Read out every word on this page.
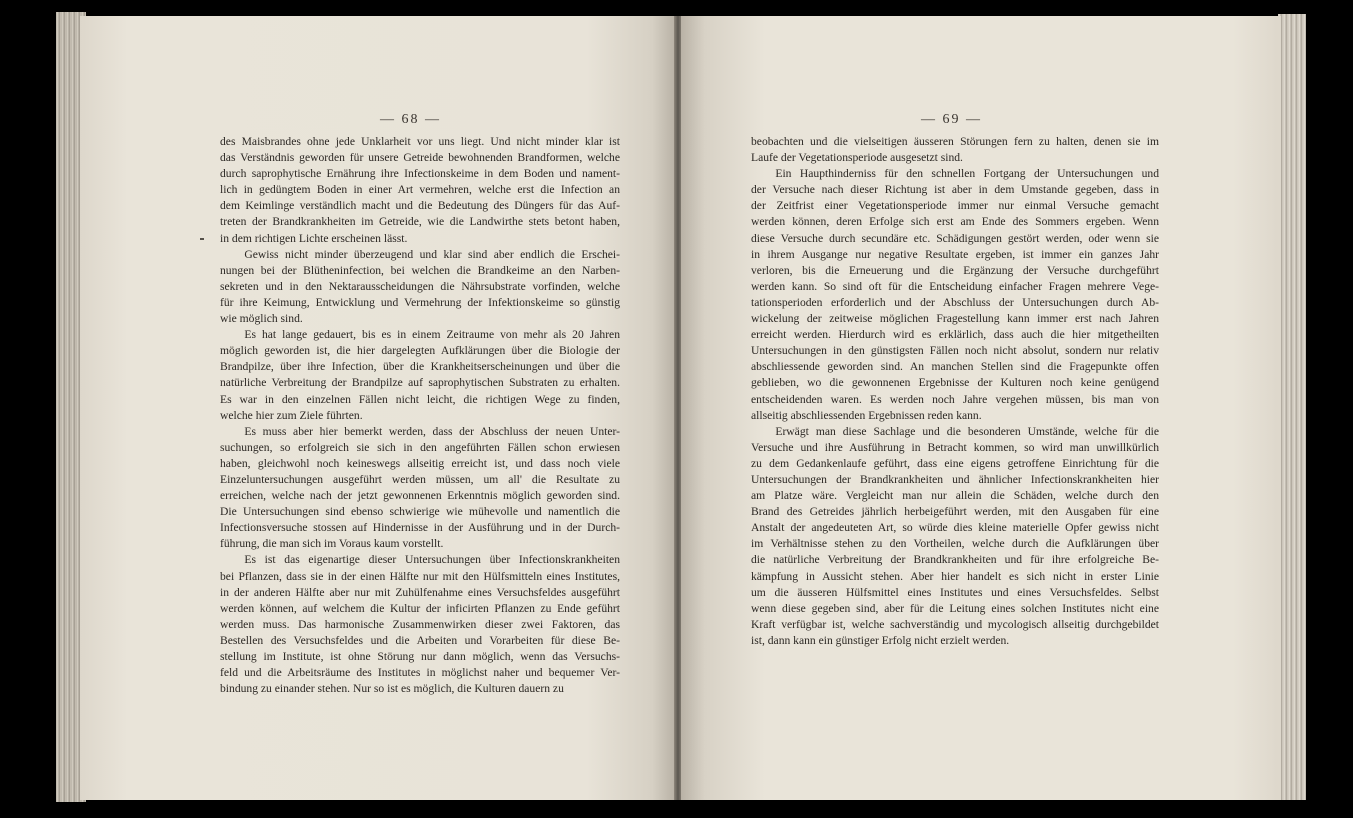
— 68 —
des Maisbrandes ohne jede Unklarheit vor uns liegt. Und nicht minder klar ist
das Verständnis geworden für unsere Getreide bewohnenden Brandformen, welche
durch saprophytische Ernährung ihre Infectionskeime in dem Boden und nament-
lich in gedüngtem Boden in einer Art vermehren, welche erst die Infection an
dem Keimlinge verständlich macht und die Bedeutung des Düngers für das Auf-
treten der Brandkrankheiten im Getreide, wie die Landwirthe stets betont haben,
in dem richtigen Lichte erscheinen lässt.
Gewiss nicht minder überzeugend und klar sind aber endlich die Erschei-
nungen bei der Blütheninfection, bei welchen die Brandkeime an den Narben-
sekreten und in den Nektarausscheidungen die Nährsubstrate vorfinden, welche
für ihre Keimung, Entwicklung und Vermehrung der Infektionskeime so günstig
wie möglich sind.
Es hat lange gedauert, bis es in einem Zeitraume von mehr als 20 Jahren
möglich geworden ist, die hier dargelegten Aufklärungen über die Biologie der
Brandpilze, über ihre Infection, über die Krankheitserscheinungen und über die
natürliche Verbreitung der Brandpilze auf saprophytischen Substraten zu erhalten.
Es war in den einzelnen Fällen nicht leicht, die richtigen Wege zu finden,
welche hier zum Ziele führten.
Es muss aber hier bemerkt werden, dass der Abschluss der neuen Unter-
suchungen, so erfolgreich sie sich in den angeführten Fällen schon erwiesen
haben, gleichwohl noch keineswegs allseitig erreicht ist, und dass noch viele
Einzeluntersuchungen ausgeführt werden müssen, um all' die Resultate zu
erreichen, welche nach der jetzt gewonnenen Erkenntnis möglich geworden sind.
Die Untersuchungen sind ebenso schwierige wie mühevolle und namentlich die
Infectionsversuche stossen auf Hindernisse in der Ausführung und in der Durch-
führung, die man sich im Voraus kaum vorstellt.
Es ist das eigenartige dieser Untersuchungen über Infectionskrankheiten
bei Pflanzen, dass sie in der einen Hälfte nur mit den Hülfsmitteln eines Institutes,
in der anderen Hälfte aber nur mit Zuhülfenahme eines Versuchsfeldes ausgeführt
werden können, auf welchem die Kultur der inficirten Pflanzen zu Ende geführt
werden muss. Das harmonische Zusammenwirken dieser zwei Faktoren, das
Bestellen des Versuchsfeldes und die Arbeiten und Vorarbeiten für diese Be-
stellung im Institute, ist ohne Störung nur dann möglich, wenn das Versuchs-
feld und die Arbeitsräume des Institutes in möglichst naher und bequemer Ver-
bindung zu einander stehen. Nur so ist es möglich, die Kulturen dauern zu
— 69 —
beobachten und die vielseitigen äusseren Störungen fern zu halten, denen sie im
Laufe der Vegetationsperiode ausgesetzt sind.
Ein Haupthinderniss für den schnellen Fortgang der Untersuchungen und
der Versuche nach dieser Richtung ist aber in dem Umstande gegeben, dass in
der Zeitfrist einer Vegetationsperiode immer nur einmal Versuche gemacht
werden können, deren Erfolge sich erst am Ende des Sommers ergeben. Wenn
diese Versuche durch secundäre etc. Schädigungen gestört werden, oder wenn sie
in ihrem Ausgange nur negative Resultate ergeben, ist immer ein ganzes Jahr
verloren, bis die Erneuerung und die Ergänzung der Versuche durchgeführt
werden kann. So sind oft für die Entscheidung einfacher Fragen mehrere Vege-
tationsperioden erforderlich und der Abschluss der Untersuchungen durch Ab-
wickelung der zeitweise möglichen Fragestellung kann immer erst nach Jahren
erreicht werden. Hierdurch wird es erklärlich, dass auch die hier mitgetheilten
Untersuchungen in den günstigsten Fällen noch nicht absolut, sondern nur relativ
abschliessende geworden sind. An manchen Stellen sind die Fragepunkte offen
geblieben, wo die gewonnenen Ergebnisse der Kulturen noch keine genügend
entscheidenden waren. Es werden noch Jahre vergehen müssen, bis man von
allseitig abschliessenden Ergebnissen reden kann.
Erwägt man diese Sachlage und die besonderen Umstände, welche für die
Versuche und ihre Ausführung in Betracht kommen, so wird man unwillkürlich
zu dem Gedankenlaufe geführt, dass eine eigens getroffene Einrichtung für die
Untersuchungen der Brandkrankheiten und ähnlicher Infectionskrankheiten hier
am Platze wäre. Vergleicht man nur allein die Schäden, welche durch den
Brand des Getreides jährlich herbeigeführt werden, mit den Ausgaben für eine
Anstalt der angedeuteten Art, so würde dies kleine materielle Opfer gewiss nicht
im Verhältnisse stehen zu den Vortheilen, welche durch die Aufklärungen über
die natürliche Verbreitung der Brandkrankheiten und für ihre erfolgreiche Be-
kämpfung in Aussicht stehen. Aber hier handelt es sich nicht in erster Linie
um die äusseren Hülfsmittel eines Institutes und eines Versuchsfeldes. Selbst
wenn diese gegeben sind, aber für die Leitung eines solchen Institutes nicht eine
Kraft verfügbar ist, welche sachverständig und mycologisch allseitig durchgebildet
ist, dann kann ein günstiger Erfolg nicht erzielt werden.
